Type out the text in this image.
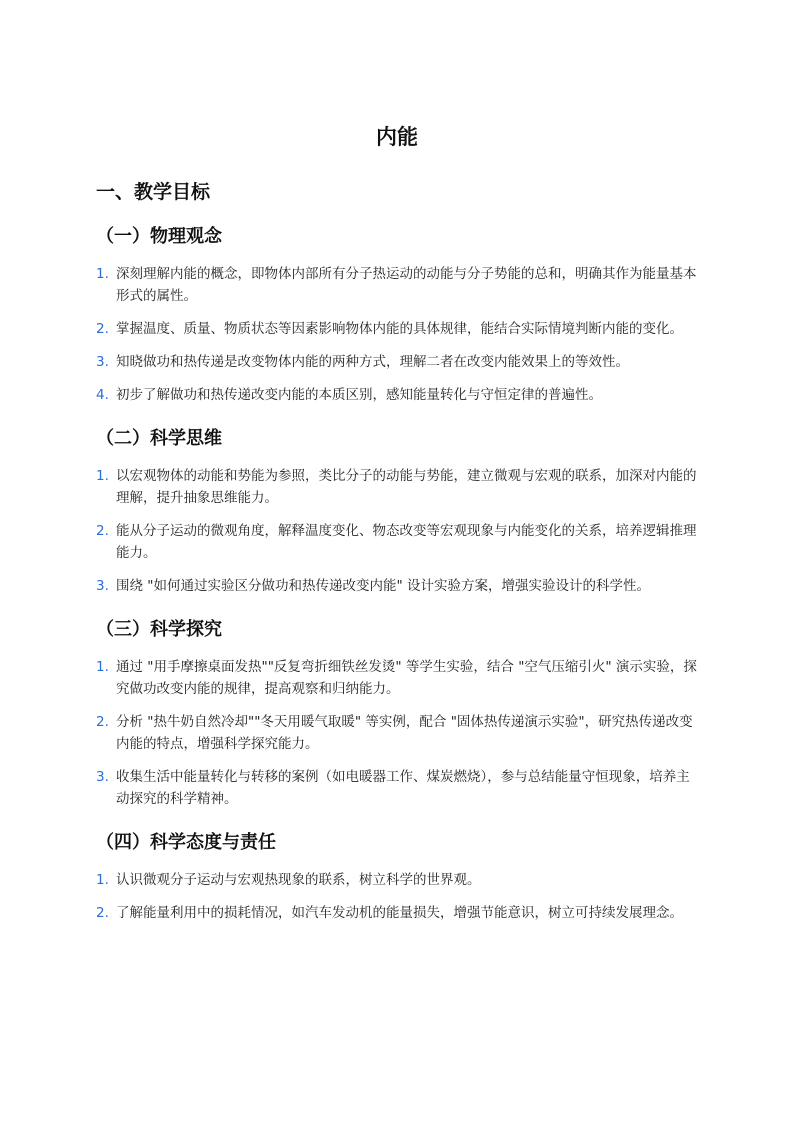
内能
一、教学目标
（一）物理观念
1. 深刻理解内能的概念，即物体内部所有分子热运动的动能与分子势能的总和，明确其作为能量基本形式的属性。
2. 掌握温度、质量、物质状态等因素影响物体内能的具体规律，能结合实际情境判断内能的变化。
3. 知晓做功和热传递是改变物体内能的两种方式，理解二者在改变内能效果上的等效性。
4. 初步了解做功和热传递改变内能的本质区别，感知能量转化与守恒定律的普遍性。
（二）科学思维
1. 以宏观物体的动能和势能为参照，类比分子的动能与势能，建立微观与宏观的联系，加深对内能的理解，提升抽象思维能力。
2. 能从分子运动的微观角度，解释温度变化、物态改变等宏观现象与内能变化的关系，培养逻辑推理能力。
3. 围绕 "如何通过实验区分做功和热传递改变内能" 设计实验方案，增强实验设计的科学性。
（三）科学探究
1. 通过 "用手摩擦桌面发热""反复弯折细铁丝发烫" 等学生实验，结合 "空气压缩引火" 演示实验，探究做功改变内能的规律，提高观察和归纳能力。
2. 分析 "热牛奶自然冷却""冬天用暖气取暖" 等实例，配合 "固体热传递演示实验"，研究热传递改变内能的特点，增强科学探究能力。
3. 收集生活中能量转化与转移的案例（如电暖器工作、煤炭燃烧），参与总结能量守恒现象，培养主动探究的科学精神。
（四）科学态度与责任
1. 认识微观分子运动与宏观热现象的联系，树立科学的世界观。
2. 了解能量利用中的损耗情况，如汽车发动机的能量损失，增强节能意识，树立可持续发展理念。
